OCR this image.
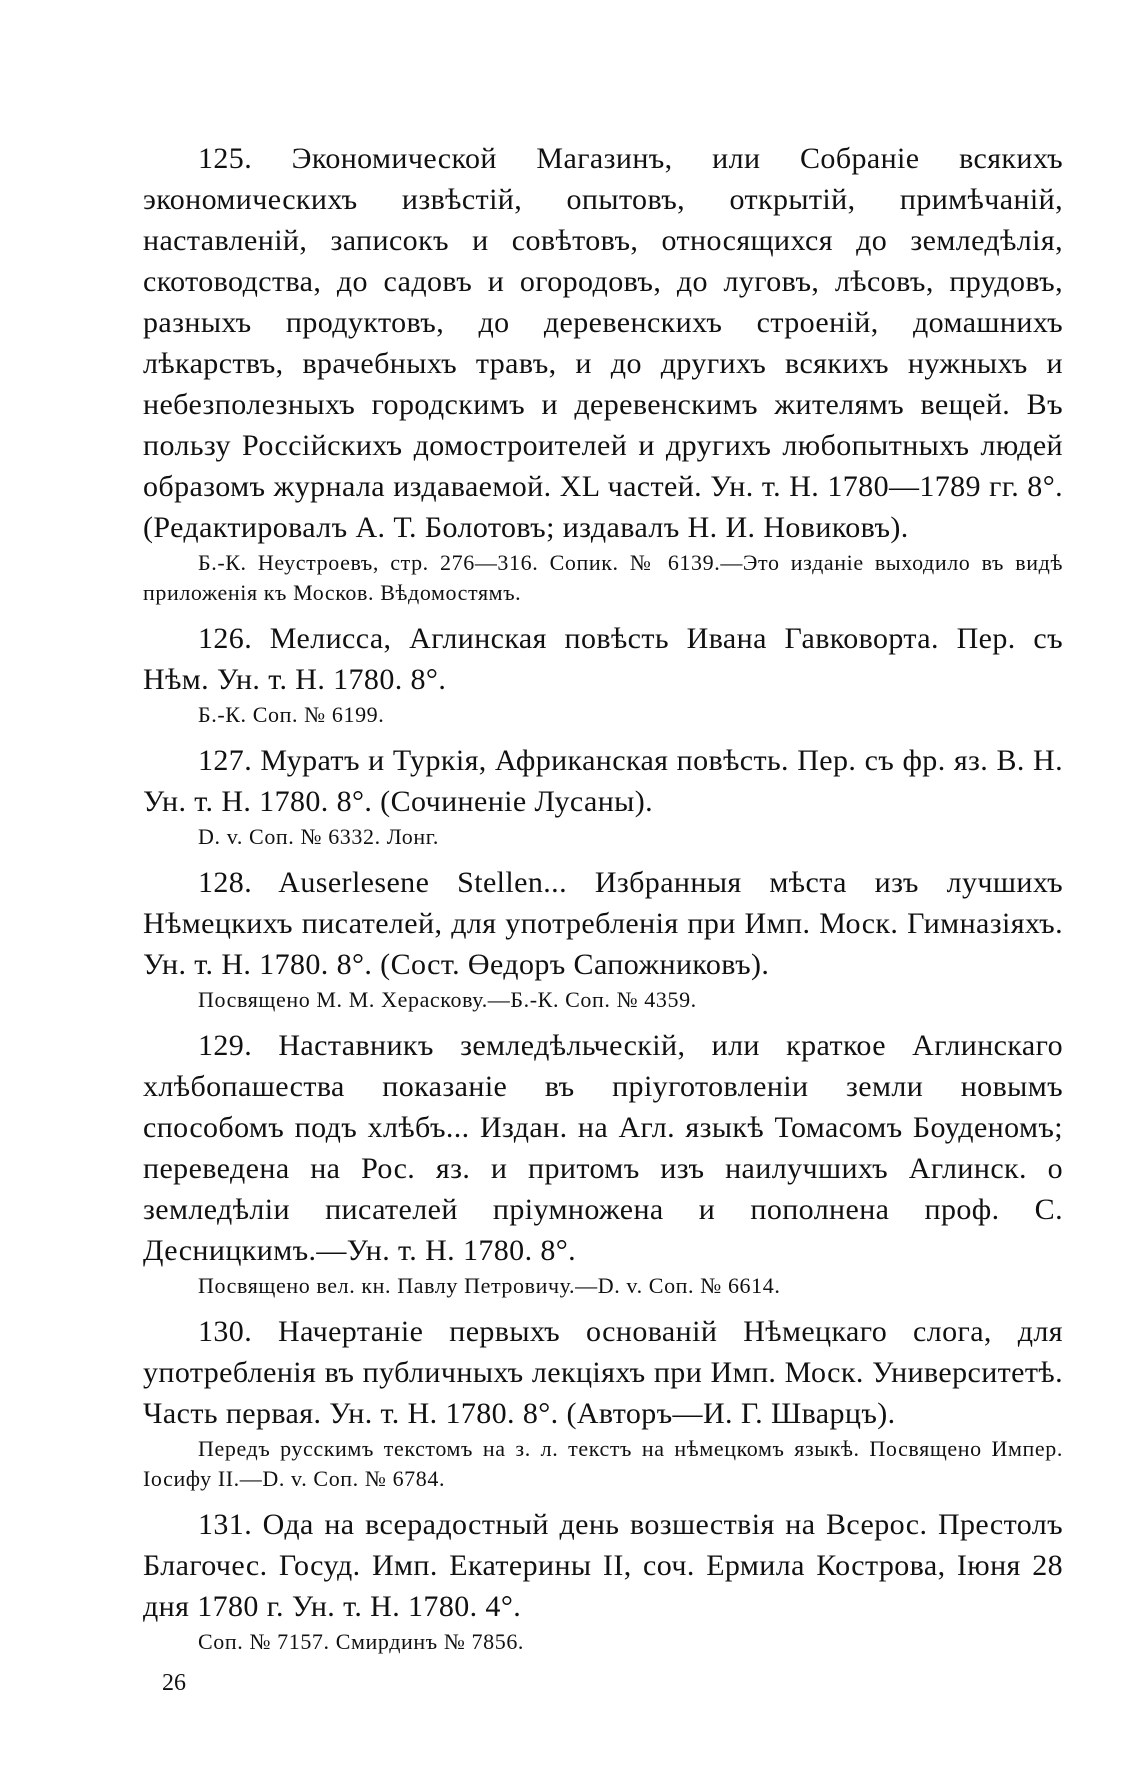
125. Экономической Магазинъ, или Собраніе всякихъ экономическихъ извѣстій, опытовъ, открытій, примѣчаній, наставленій, записокъ и совѣтовъ, относящихся до земледѣлія, скотоводства, до садовъ и огородовъ, до луговъ, лѣсовъ, прудовъ, разныхъ продуктовъ, до деревенскихъ строеній, домашнихъ лѣкарствъ, врачебныхъ травъ, и до другихъ всякихъ нужныхъ и небезполезныхъ городскимъ и деревенскимъ жителямъ вещей. Въ пользу Россійскихъ домостроителей и другихъ любопытныхъ людей образомъ журнала издаваемой. XL частей. Ун. т. Н. 1780—1789 гг. 8°. (Редактировалъ А. Т. Болотовъ; издавалъ Н. И. Новиковъ).

Б.-К. Неустроевъ, стр. 276—316. Сопик. № 6139.—Это изданіе выходило въ видѣ приложенія къ Москов. Вѣдомостямъ.

126. Мелисса, Аглинская повѣсть Ивана Гавковорта. Пер. съ Нѣм. Ун. т. Н. 1780. 8°.

Б.-К. Соп. № 6199.

127. Муратъ и Туркія, Африканская повѣсть. Пер. съ фр. яз. В. Н. Ун. т. Н. 1780. 8°. (Сочиненіе Лусаны).

D. v. Соп. № 6332. Лонг.

128. Auserlesene Stellen... Избранныя мѣста изъ лучшихъ Нѣмецкихъ писателей, для употребленія при Имп. Моск. Гимназіяхъ. Ун. т. Н. 1780. 8°. (Сост. Өедоръ Сапожниковъ).

Посвящено М. М. Хераскову.—Б.-К. Соп. № 4359.

129. Наставникъ земледѣльческій, или краткое Аглинскаго хлѣбопашества показаніе въ пріуготовленіи земли новымъ способомъ подъ хлѣбъ... Издан. на Агл. языкѣ Томасомъ Боуденомъ; переведена на Рос. яз. и притомъ изъ наилучшихъ Аглинск. о земледѣліи писателей пріумножена и пополнена проф. С. Десницкимъ.—Ун. т. Н. 1780. 8°.

Посвящено вел. кн. Павлу Петровичу.—D. v. Соп. № 6614.

130. Начертаніе первыхъ основаній Нѣмецкаго слога, для употребленія въ публичныхъ лекціяхъ при Имп. Моск. Университетѣ. Часть первая. Ун. т. Н. 1780. 8°. (Авторъ—И. Г. Шварцъ).

Передъ русскимъ текстомъ на з. л. текстъ на нѣмецкомъ языкѣ. Посвящено Импер. Іосифу II.—D. v. Соп. № 6784.

131. Ода на всерадостный день возшествія на Всерос. Престолъ Благочес. Госуд. Имп. Екатерины II, соч. Ермила Кострова, Іюня 28 дня 1780 г. Ун. т. Н. 1780. 4°.

Соп. № 7157. Смирдинъ № 7856.

26
